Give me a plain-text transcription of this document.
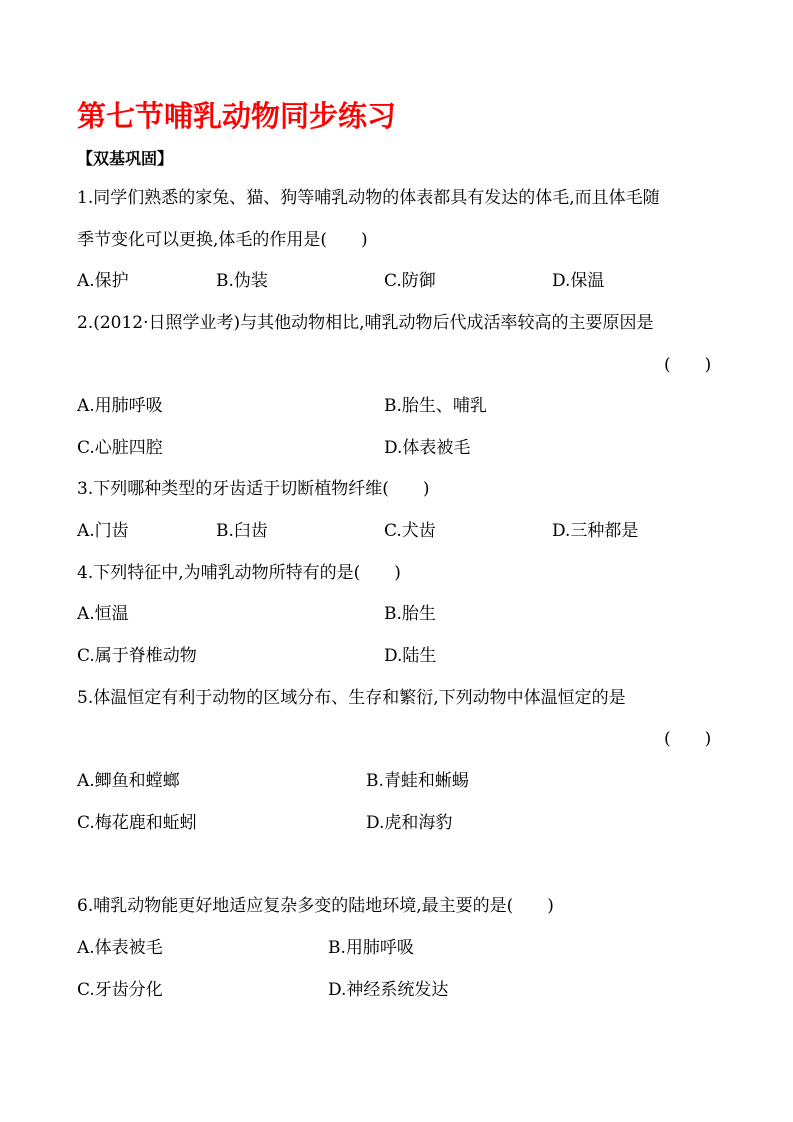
第七节哺乳动物同步练习
【双基巩固】
1.同学们熟悉的家兔、猫、狗等哺乳动物的体表都具有发达的体毛,而且体毛随
季节变化可以更换,体毛的作用是(　　)
A.保护	B.伪装	C.防御	D.保温
2.(2012·日照学业考)与其他动物相比,哺乳动物后代成活率较高的主要原因是
(　　)
A.用肺呼吸	B.胎生、哺乳
C.心脏四腔	D.体表被毛
3.下列哪种类型的牙齿适于切断植物纤维(　　)
A.门齿	B.臼齿	C.犬齿	D.三种都是
4.下列特征中,为哺乳动物所特有的是(　　)
A.恒温	B.胎生
C.属于脊椎动物	D.陆生
5.体温恒定有利于动物的区域分布、生存和繁衍,下列动物中体温恒定的是
(　　)
A.鲫鱼和螳螂	B.青蛙和蜥蜴
C.梅花鹿和蚯蚓	D.虎和海豹
6.哺乳动物能更好地适应复杂多变的陆地环境,最主要的是(　　)
A.体表被毛	B.用肺呼吸
C.牙齿分化	D.神经系统发达
